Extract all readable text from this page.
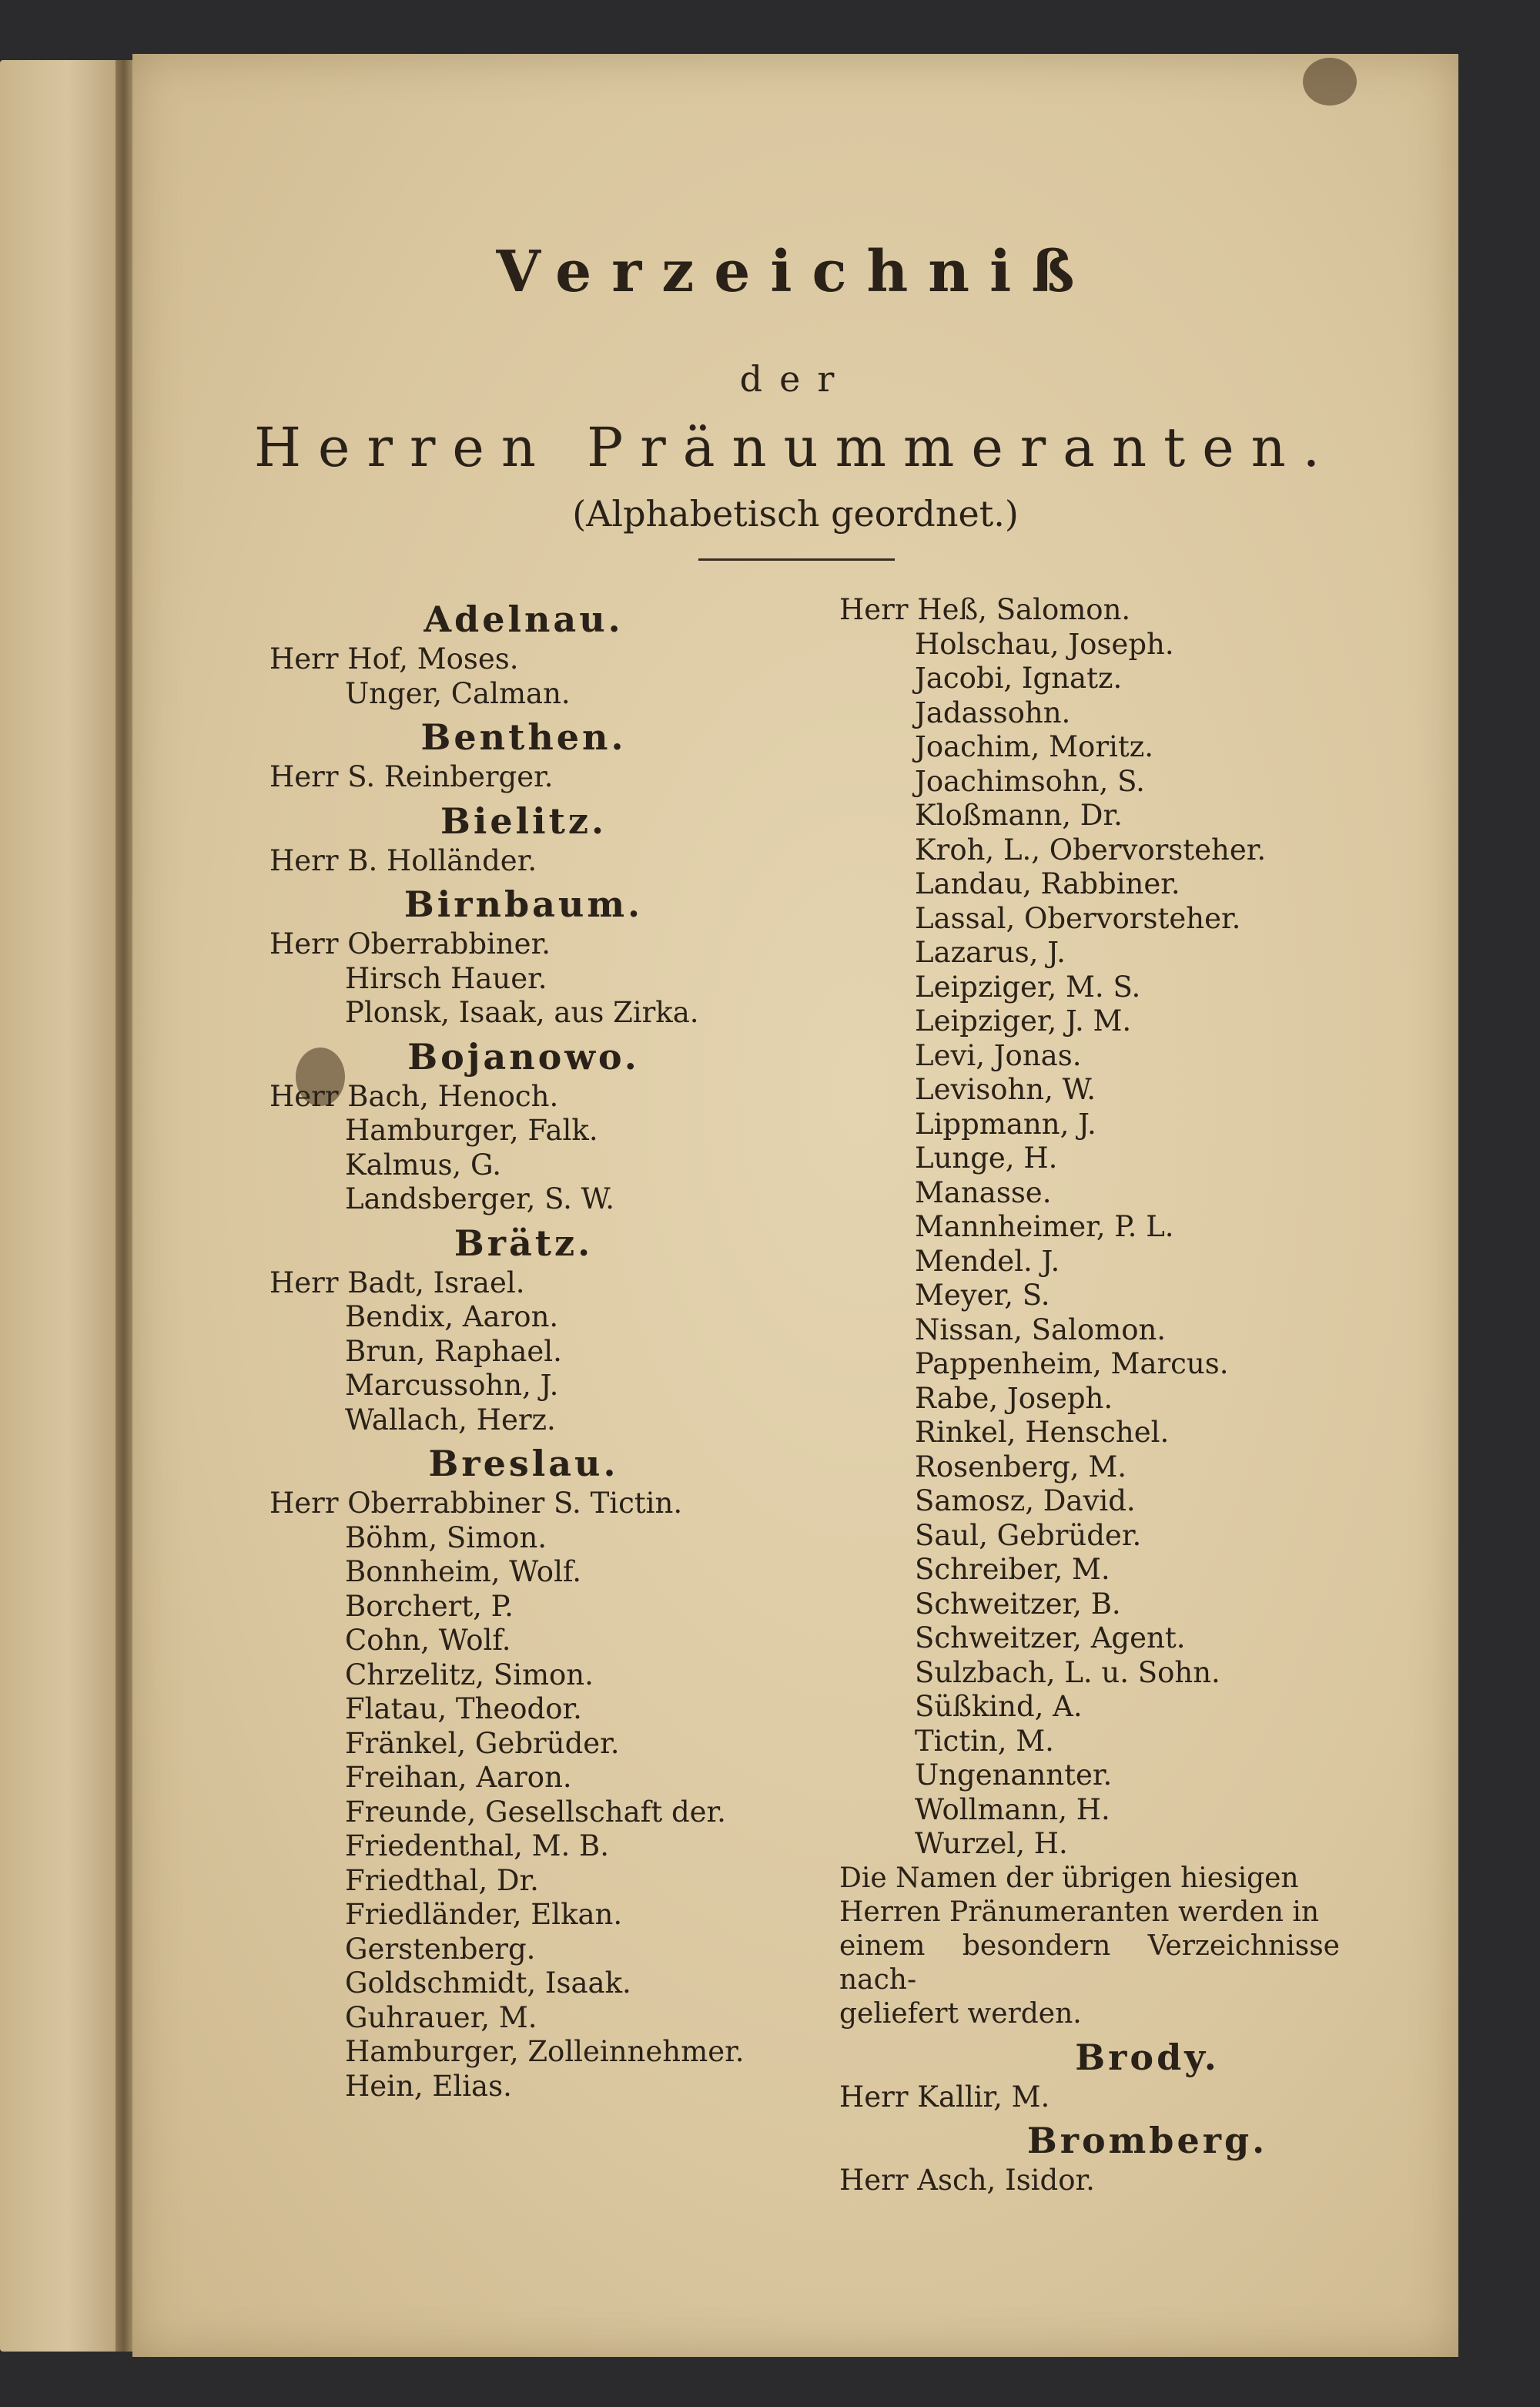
Verzeichniß
der
Herren Pränummeranten.
(Alphabetisch geordnet.)
Adelnau.
Herr Hof, Moses.
Unger, Calman.
Benthen.
Herr S. Reinberger.
Bielitz.
Herr B. Holländer.
Birnbaum.
Herr Oberrabbiner.
Hirsch Hauer.
Plonsk, Isaak, aus Zirka.
Bojanowo.
Herr Bach, Henoch.
Hamburger, Falk.
Kalmus, G.
Landsberger, S. W.
Brätz.
Herr Badt, Israel.
Bendix, Aaron.
Brun, Raphael.
Marcussohn, J.
Wallach, Herz.
Breslau.
Herr Oberrabbiner S. Tictin.
Böhm, Simon.
Bonnheim, Wolf.
Borchert, P.
Cohn, Wolf.
Chrzelitz, Simon.
Flatau, Theodor.
Fränkel, Gebrüder.
Freihan, Aaron.
Freunde, Gesellschaft der.
Friedenthal, M. B.
Friedthal, Dr.
Friedländer, Elkan.
Gerstenberg.
Goldschmidt, Isaak.
Guhrauer, M.
Hamburger, Zolleinnehmer.
Hein, Elias.
Herr Heß, Salomon.
Holschau, Joseph.
Jacobi, Ignatz.
Jadassohn.
Joachim, Moritz.
Joachimsohn, S.
Kloßmann, Dr.
Kroh, L., Obervorsteher.
Landau, Rabbiner.
Lassal, Obervorsteher.
Lazarus, J.
Leipziger, M. S.
Leipziger, J. M.
Levi, Jonas.
Levisohn, W.
Lippmann, J.
Lunge, H.
Manasse.
Mannheimer, P. L.
Mendel. J.
Meyer, S.
Nissan, Salomon.
Pappenheim, Marcus.
Rabe, Joseph.
Rinkel, Henschel.
Rosenberg, M.
Samosz, David.
Saul, Gebrüder.
Schreiber, M.
Schweitzer, B.
Schweitzer, Agent.
Sulzbach, L. u. Sohn.
Süßkind, A.
Tictin, M.
Ungenannter.
Wollmann, H.
Wurzel, H.
Die Namen der übrigen hiesigen
Herren Pränumeranten werden in
einem besondern Verzeichnisse nach-
geliefert werden.
Brody.
Herr Kallir, M.
Bromberg.
Herr Asch, Isidor.
